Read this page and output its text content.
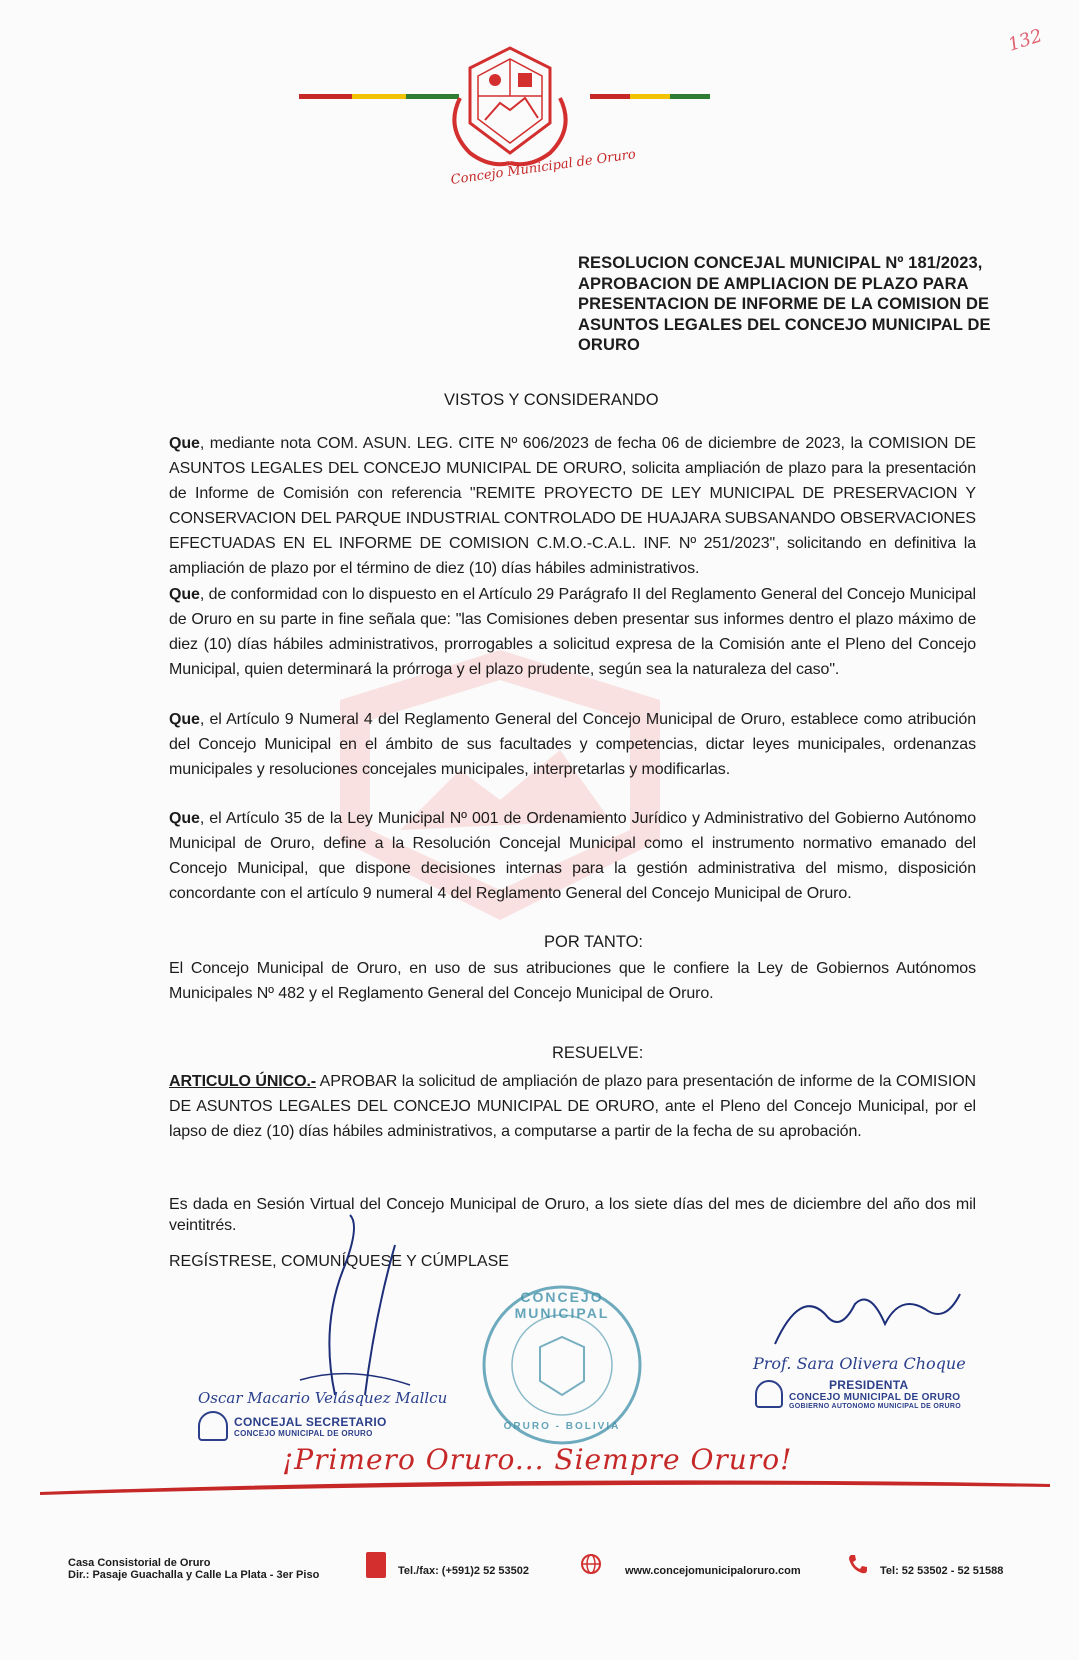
132
Concejo Municipal de Oruro
RESOLUCION CONCEJAL MUNICIPAL Nº 181/2023, APROBACION DE AMPLIACION DE PLAZO PARA PRESENTACION DE INFORME DE LA COMISION DE ASUNTOS LEGALES DEL CONCEJO MUNICIPAL DE ORURO
VISTOS Y CONSIDERANDO
Que, mediante nota COM. ASUN. LEG. CITE Nº 606/2023 de fecha 06 de diciembre de 2023, la COMISION DE ASUNTOS LEGALES DEL CONCEJO MUNICIPAL DE ORURO, solicita ampliación de plazo para la presentación de Informe de Comisión con referencia "REMITE PROYECTO DE LEY MUNICIPAL DE PRESERVACION Y CONSERVACION DEL PARQUE INDUSTRIAL CONTROLADO DE HUAJARA SUBSANANDO OBSERVACIONES EFECTUADAS EN EL INFORME DE COMISION C.M.O.-C.A.L. INF. Nº 251/2023", solicitando en definitiva la ampliación de plazo por el término de diez (10) días hábiles administrativos.
Que, de conformidad con lo dispuesto en el Artículo 29 Parágrafo II del Reglamento General del Concejo Municipal de Oruro en su parte in fine señala que: "las Comisiones deben presentar sus informes dentro el plazo máximo de diez (10) días hábiles administrativos, prorrogables a solicitud expresa de la Comisión ante el Pleno del Concejo Municipal, quien determinará la prórroga y el plazo prudente, según sea la naturaleza del caso".
Que, el Artículo 9 Numeral 4 del Reglamento General del Concejo Municipal de Oruro, establece como atribución del Concejo Municipal en el ámbito de sus facultades y competencias, dictar leyes municipales, ordenanzas municipales y resoluciones concejales municipales, interpretarlas y modificarlas.
Que, el Artículo 35 de la Ley Municipal Nº 001 de Ordenamiento Jurídico y Administrativo del Gobierno Autónomo Municipal de Oruro, define a la Resolución Concejal Municipal como el instrumento normativo emanado del Concejo Municipal, que dispone decisiones internas para la gestión administrativa del mismo, disposición concordante con el artículo 9 numeral 4 del Reglamento General del Concejo Municipal de Oruro.
POR TANTO:
El Concejo Municipal de Oruro, en uso de sus atribuciones que le confiere la Ley de Gobiernos Autónomos Municipales Nº 482 y el Reglamento General del Concejo Municipal de Oruro.
RESUELVE:
ARTICULO ÚNICO.- APROBAR la solicitud de ampliación de plazo para presentación de informe de la COMISION DE ASUNTOS LEGALES DEL CONCEJO MUNICIPAL DE ORURO, ante el Pleno del Concejo Municipal, por el lapso de diez (10) días hábiles administrativos, a computarse a partir de la fecha de su aprobación.
Es dada en Sesión Virtual del Concejo Municipal de Oruro, a los siete días del mes de diciembre del año dos mil veintitrés.
REGÍSTRESE, COMUNÍQUESE Y CÚMPLASE
Oscar Macario Velásquez Mallcu
CONCEJAL SECRETARIO
CONCEJO MUNICIPAL DE ORURO
CONCEJO MUNICIPAL
ORURO - BOLIVIA
Prof. Sara Olivera Choque
PRESIDENTA
CONCEJO MUNICIPAL DE ORURO
GOBIERNO AUTONOMO MUNICIPAL DE ORURO
¡Primero Oruro... Siempre Oruro!
Casa Consistorial de Oruro
Dir.: Pasaje Guachalla y Calle La Plata - 3er Piso	Tel./fax: (+591)2 52 53502	www.concejomunicipaloruro.com	Tel: 52 53502 - 52 51588
